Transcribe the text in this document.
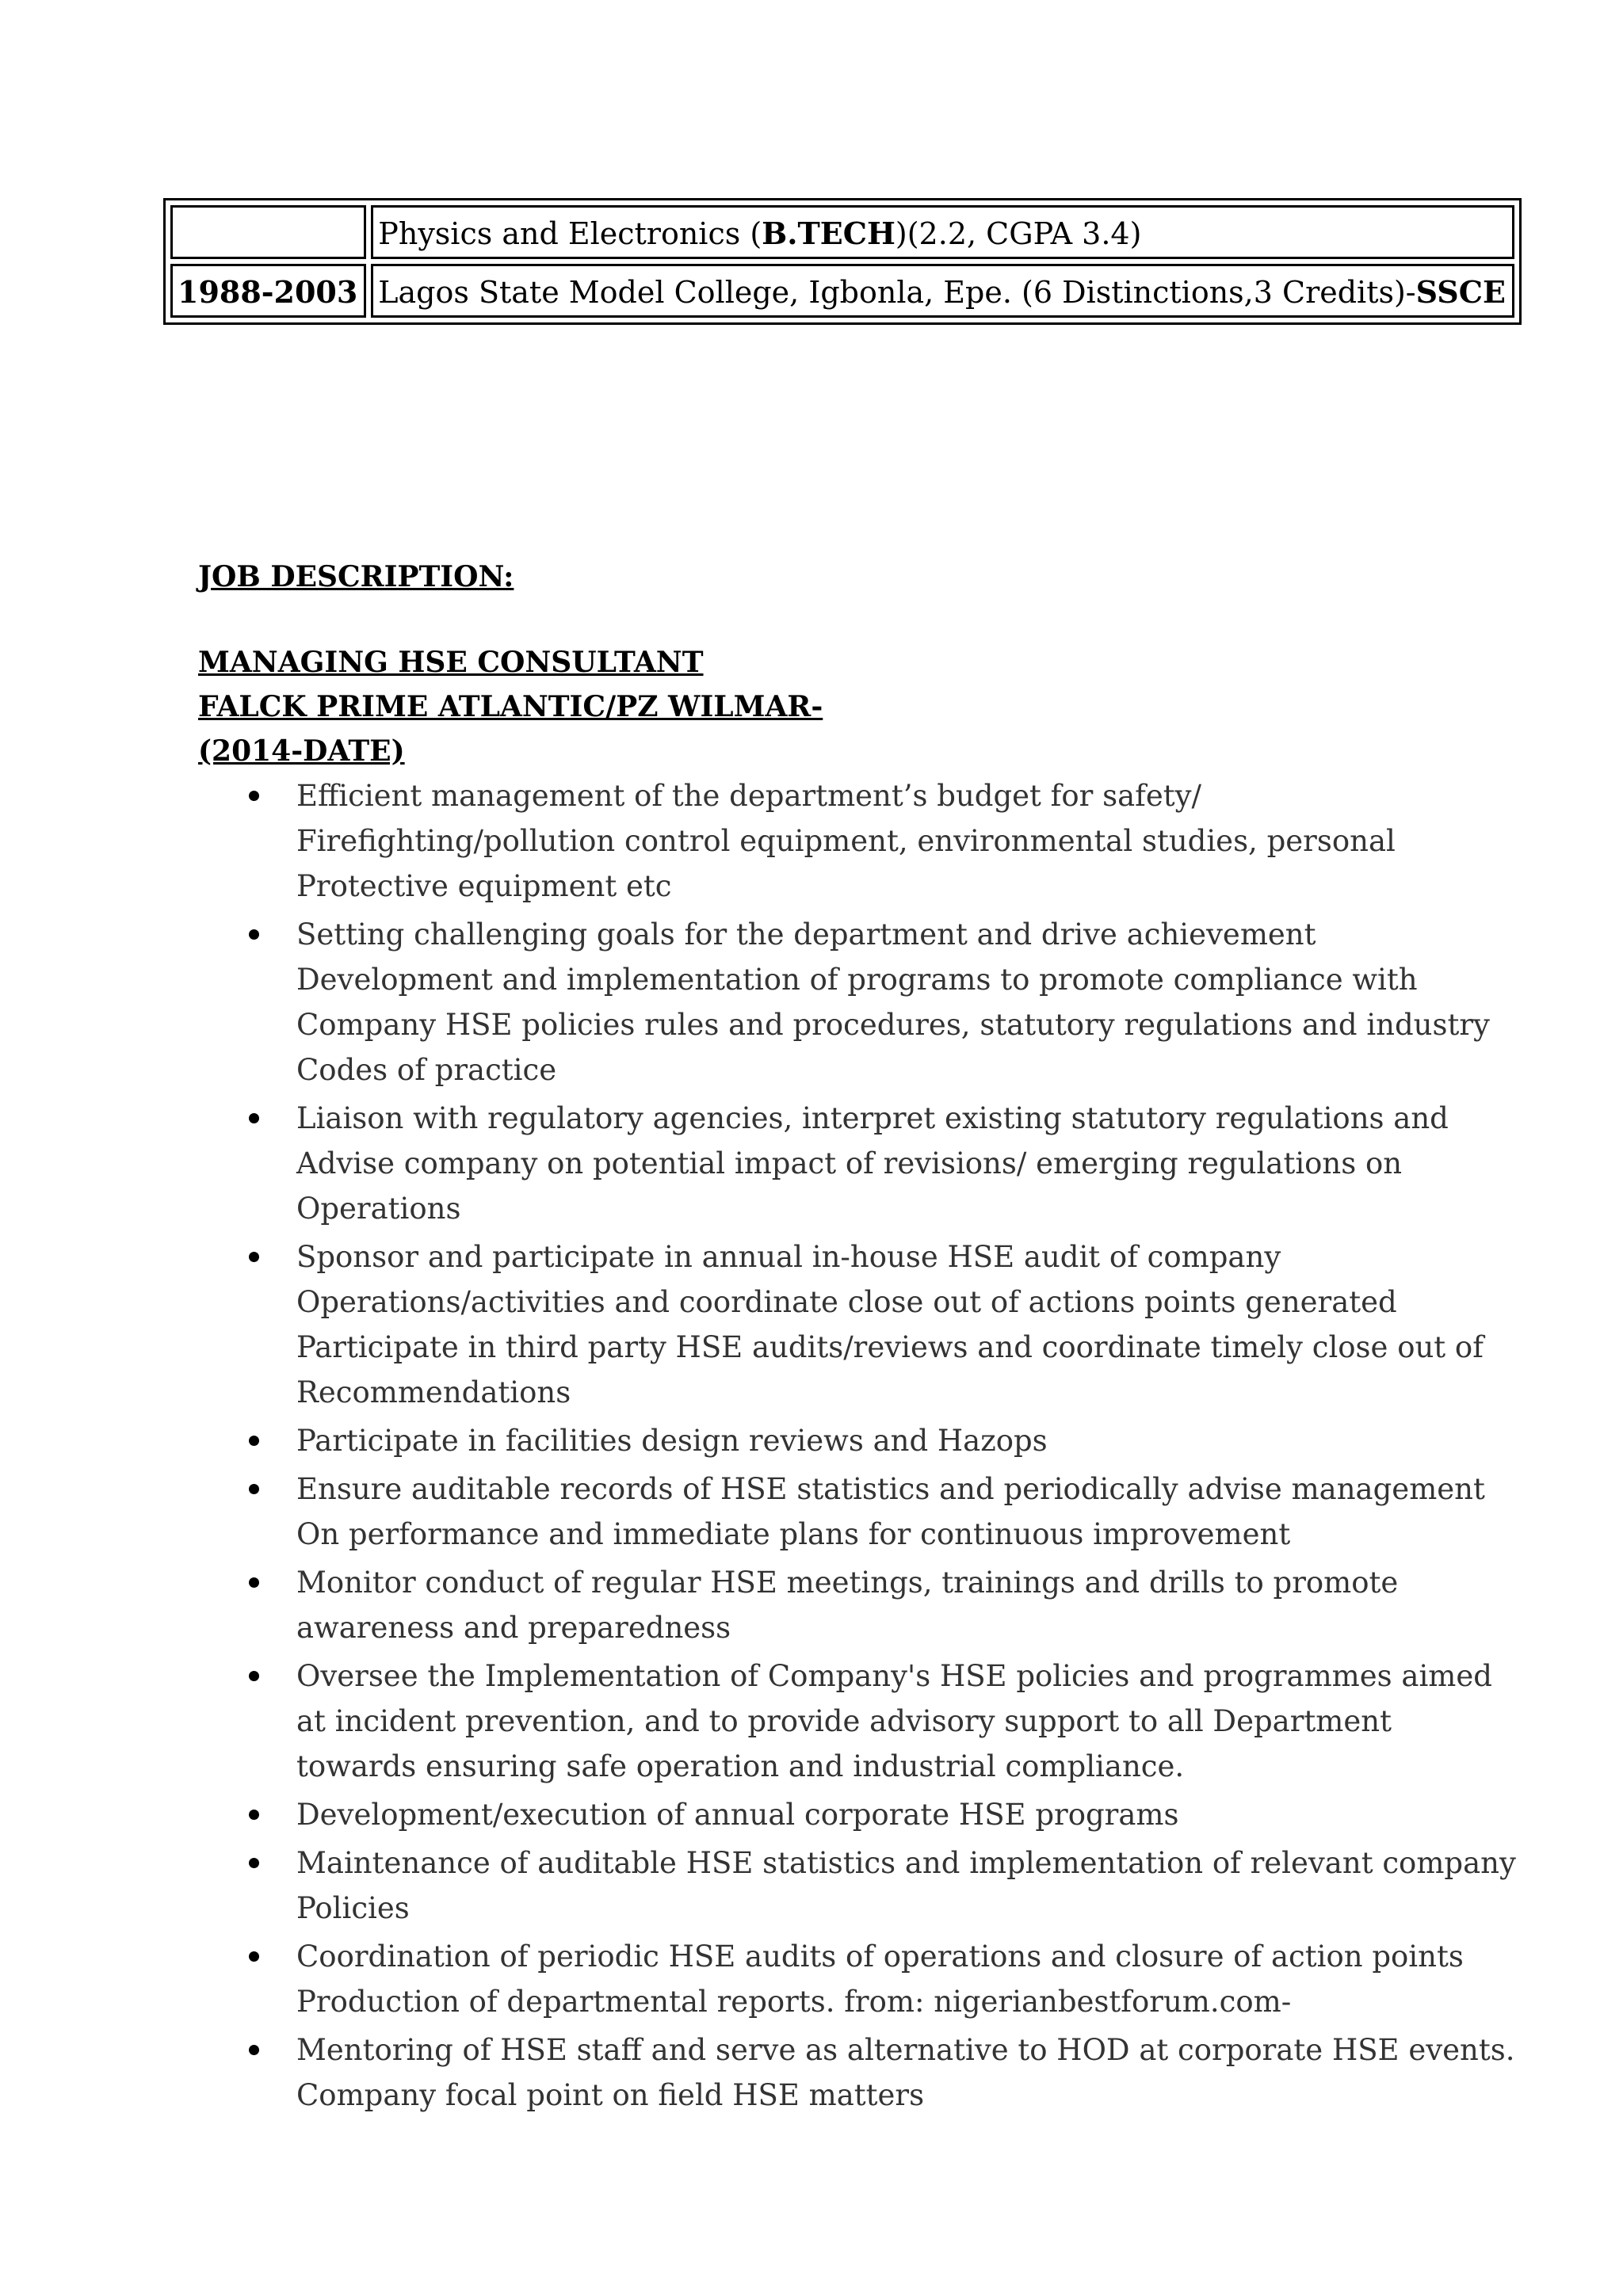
	Physics and Electronics (B.TECH)(2.2, CGPA 3.4)
1988-2003	Lagos State Model College, Igbonla, Epe. (6 Distinctions,3 Credits)-SSCE

JOB DESCRIPTION:

MANAGING HSE CONSULTANT

FALCK PRIME ATLANTIC/PZ WILMAR-

(2014-DATE)

Efficient management of the department’s budget for safety/
Firefighting/pollution control equipment, environmental studies, personal
Protective equipment etc
Setting challenging goals for the department and drive achievement
Development and implementation of programs to promote compliance with
Company HSE policies rules and procedures, statutory regulations and industry
Codes of practice
Liaison with regulatory agencies, interpret existing statutory regulations and
Advise company on potential impact of revisions/ emerging regulations on
Operations
Sponsor and participate in annual in-house HSE audit of company
Operations/activities and coordinate close out of actions points generated
Participate in third party HSE audits/reviews and coordinate timely close out of
Recommendations
Participate in facilities design reviews and Hazops
Ensure auditable records of HSE statistics and periodically advise management
On performance and immediate plans for continuous improvement
Monitor conduct of regular HSE meetings, trainings and drills to promote
awareness and preparedness
Oversee the Implementation of Company's HSE policies and programmes aimed
at incident prevention, and to provide advisory support to all Department
towards ensuring safe operation and industrial compliance.
Development/execution of annual corporate HSE programs
Maintenance of auditable HSE statistics and implementation of relevant company
Policies
Coordination of periodic HSE audits of operations and closure of action points
Production of departmental reports. from: nigerianbestforum.com-
Mentoring of HSE staff and serve as alternative to HOD at corporate HSE events.
Company focal point on field HSE matters
